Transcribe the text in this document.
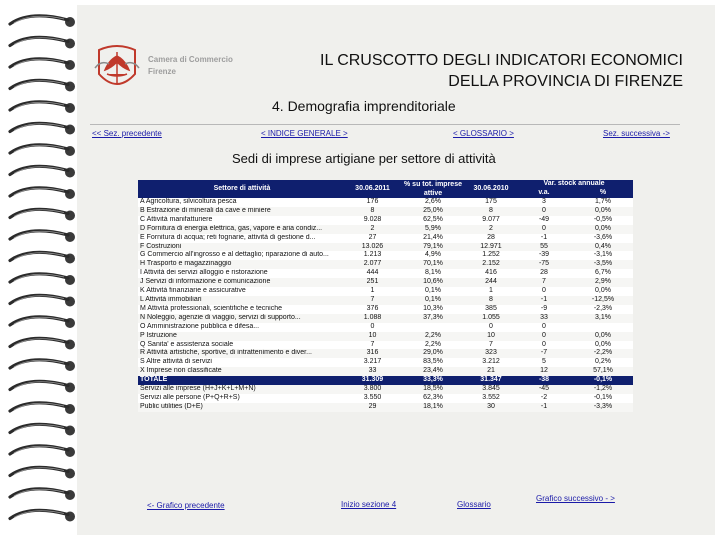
Camera di Commercio
Firenze
IL CRUSCOTTO DEGLI INDICATORI ECONOMICI
DELLA PROVINCIA DI FIRENZE
4. Demografia imprenditoriale
<< Sez. precedente	< INDICE GENERALE >	< GLOSSARIO >	Sez. successiva ->
Sedi di imprese artigiane per settore di attività
Settore di attività	30.06.2011	% su tot. imprese attive	30.06.2010	Var. stock annuale	
				v.a.	%
A Agricoltura, silvicoltura pesca	176	2,6%	175	3	1,7%
B Estrazione di minerali da cave e miniere	8	25,0%	8	0	0,0%
C Attività manifatturiere	9.028	62,5%	9.077	-49	-0,5%
D Fornitura di energia elettrica, gas, vapore e aria condiz...	2	5,9%	2	0	0,0%
E Fornitura di acqua; reti fognarie, attività di gestione d...	27	21,4%	28	-1	-3,6%
F Costruzioni	13.026	79,1%	12.971	55	0,4%
G Commercio all'ingrosso e al dettaglio; riparazione di auto...	1.213	4,9%	1.252	-39	-3,1%
H Trasporto e magazzinaggio	2.077	70,1%	2.152	-75	-3,5%
I Attività dei servizi alloggio e ristorazione	444	8,1%	416	28	6,7%
J Servizi di informazione e comunicazione	251	10,6%	244	7	2,9%
K Attività finanziarie e assicurative	1	0,1%	1	0	0,0%
L Attività immobiliari	7	0,1%	8	-1	-12,5%
M Attività professionali, scientifiche e tecniche	376	10,3%	385	-9	-2,3%
N Noleggio, agenzie di viaggio, servizi di supporto...	1.088	37,3%	1.055	33	3,1%
O Amministrazione pubblica e difesa...	0		0	0	
P Istruzione	10	2,2%	10	0	0,0%
Q Sanita' e assistenza sociale	7	2,2%	7	0	0,0%
R Attività artistiche, sportive, di intrattenimento e diver...	316	29,0%	323	-7	-2,2%
S Altre attività di servizi	3.217	83,5%	3.212	5	0,2%
X Imprese non classificate	33	23,4%	21	12	57,1%
TOTALE	31.309	33,3%	31.347	-38	-0,1%
Servizi alle imprese (H+J+K+L+M+N)	3.800	18,5%	3.845	-45	-1,2%
Servizi alle persone (P+Q+R+S)	3.550	62,3%	3.552	-2	-0,1%
Public utilities (D+E)	29	18,1%	30	-1	-3,3%
<- Grafico precedente	Inizio sezione 4	Glossario
Grafico successivo - >
